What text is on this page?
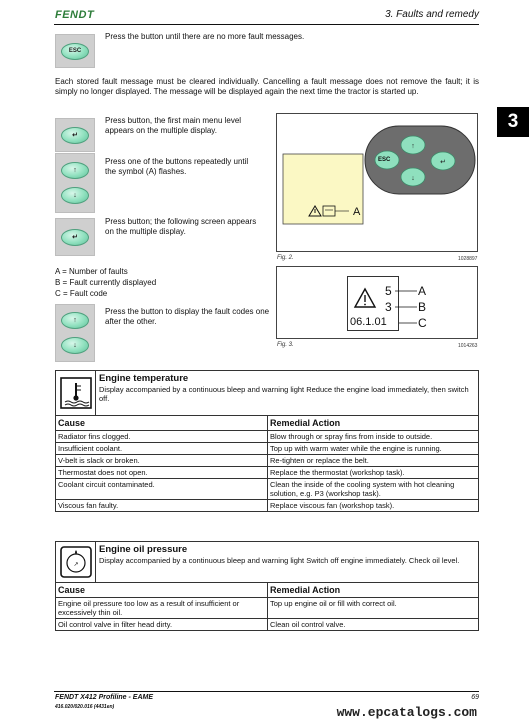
FENDT	3. Faults and remedy
3
ESC
Press the button until there are no more fault messages.
Each stored fault message must be cleared individually. Cancelling a fault message does not remove the fault; it is simply no longer displayed. The message will be displayed again the next time the tractor is started up.
↵
Press button, the first main menu level appears on the multiple display.
↑
↓
Press one of the buttons repeatedly until the symbol (A) flashes.
↵
Press button; the following screen appears on the multiple display.
A = Number of faults
B = Fault currently displayed
C = Fault code
↑
↓
Press the button to display the fault codes one after the other.
↑
↓
↵
ESC
A
Fig. 2.	1028897
5
3
06.1.01
A
B
C
Fig. 3.	1014263
Engine temperature
Display accompanied by a continuous bleep and warning light Reduce the engine load immediately, then switch off.	

Cause	Remedial Action
Radiator fins clogged.	Blow through or spray fins from inside to outside.
Insufficient coolant.	Top up with warm water while the engine is running.
V-belt is slack or broken.	Re-tighten or replace the belt.
Thermostat does not open.	Replace the thermostat (workshop task).
Coolant circuit contaminated.	Clean the inside of the cooling system with hot cleaning solution, e.g. P3 (workshop task).
Viscous fan faulty.	Replace viscous fan (workshop task).
↗
Engine oil pressure
Display accompanied by a continuous bleep and warning light Switch off engine immediately. Check oil level.	

Cause	Remedial Action
Engine oil pressure too low as a result of insufficient or excessively thin oil.	Top up engine oil or fill with correct oil.
Oil control valve in filter head dirty.	Clean oil control valve.
FENDT X412 Profiline - EAME
416.020/020.016 (4431en)
69
www.epcatalogs.com
